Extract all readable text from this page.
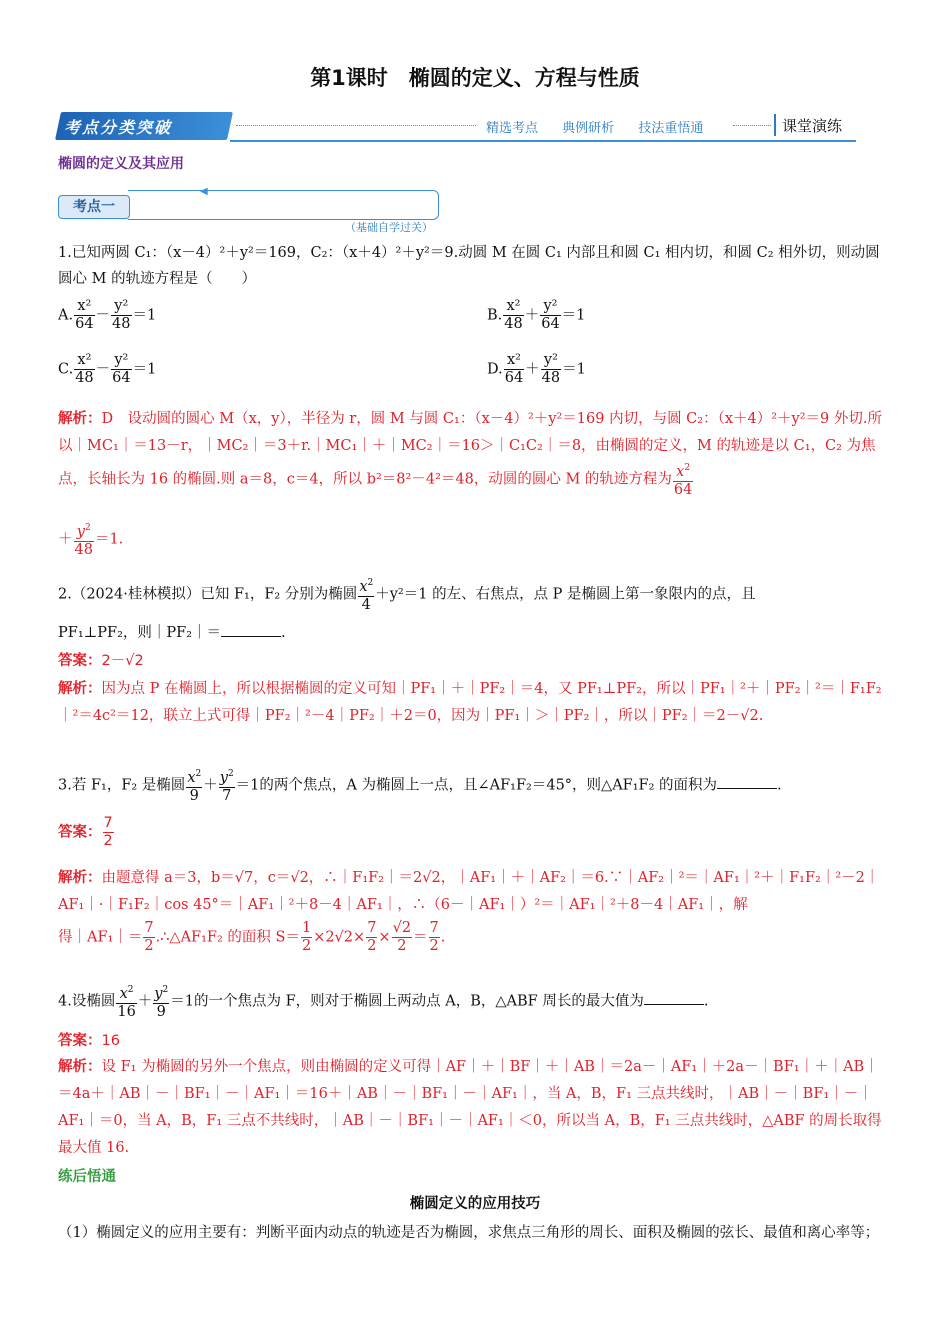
第1课时　椭圆的定义、方程与性质
考点分类突破	精选考点 典例研析 技法重悟通	课堂演练
椭圆的定义及其应用
◀
考点一
（基础自学过关）
1.已知两圆 C₁：（x－4）²＋y²＝169，C₂：（x＋4）²＋y²＝9.动圆 M 在圆 C₁ 内部且和圆 C₁ 相内切，和圆 C₂ 相外切，则动圆圆心 M 的轨迹方程是（　　）
A. $\frac{\text{x²}}{64} - \frac{\text{y²}}{48} =1$	B. $\frac{\text{x²}}{48} + \frac{\text{y²}}{64} =1$
C. $\frac{\text{x²}}{48} - \frac{\text{y²}}{64} =1$	D. $\frac{\text{x²}}{64} + \frac{\text{y²}}{48} =1$
解析：D　设动圆的圆心 M（x，y），半径为 r，圆 M 与圆 C₁：（x－4）²＋y²＝169 内切，与圆 C₂：（x＋4）²＋y²＝9 外切.所以｜MC₁｜＝13－r，｜MC₂｜＝3＋r.｜MC₁｜＋｜MC₂｜＝16＞｜C₁C₂｜＝8，由椭圆的定义，M 的轨迹是以 C₁，C₂ 为焦点，长轴长为 16 的椭圆.则 a＝8，c＝4，所以 b²＝8²－4²＝48，动圆的圆心 M 的轨迹方程为 $\frac{x^2}{64}$
＋ $\frac{y^2}{48} =1$.
2.（2024·桂林模拟）已知 F₁，F₂ 分别为椭圆 $\frac{x^2}{4} +y^2=1$ 的左、右焦点，点 P 是椭圆上第一象限内的点，且
PF₁⊥PF₂，则｜PF₂｜＝	.
答案：2－√2
解析：因为点 P 在椭圆上，所以根据椭圆的定义可知｜PF₁｜＋｜PF₂｜＝4，又 PF₁⊥PF₂，所以｜PF₁｜²＋｜PF₂｜²＝｜F₁F₂｜²＝4c²＝12，联立上式可得｜PF₂｜²－4｜PF₂｜＋2＝0，因为｜PF₁｜＞｜PF₂｜，所以｜PF₂｜＝2－√2.
3.若 F₁，F₂ 是椭圆 $\frac{x^2}{9} + \frac{y^2}{7} =1$的两个焦点，A 为椭圆上一点，且∠AF₁F₂＝45°，则△AF₁F₂ 的面积为	.
答案： $\frac{7}{2}$
解析：由题意得 a＝3，b＝√7，c＝√2，∴｜F₁F₂｜＝2√2，｜AF₁｜＋｜AF₂｜＝6.∵｜AF₂｜²＝｜AF₁｜²＋｜F₁F₂｜²－2｜AF₁｜·｜F₁F₂｜cos 45°＝｜AF₁｜²＋8－4｜AF₁｜，∴（6－｜AF₁｜）²＝｜AF₁｜²＋8－4｜AF₁｜，解
得｜AF₁｜＝ $\frac{7}{2}$ .∴△AF₁F₂ 的面积 $S= \frac{1}{2} \times 2√2\times \frac{7}{2} \times \frac{√2}{2} = \frac{7}{2}$ .
4.设椭圆 $\frac{x^2}{16} + \frac{y^2}{9} =1$的一个焦点为 F，则对于椭圆上两动点 A，B，△ABF 周长的最大值为	.
答案：16
解析：设 F₁ 为椭圆的另外一个焦点，则由椭圆的定义可得｜AF｜＋｜BF｜＋｜AB｜＝2a－｜AF₁｜＋2a－｜BF₁｜＋｜AB｜＝4a＋｜AB｜－｜BF₁｜－｜AF₁｜＝16＋｜AB｜－｜BF₁｜－｜AF₁｜，当 A，B，F₁ 三点共线时，｜AB｜－｜BF₁｜－｜AF₁｜＝0，当 A，B，F₁ 三点不共线时，｜AB｜－｜BF₁｜－｜AF₁｜＜0，所以当 A，B，F₁ 三点共线时，△ABF 的周长取得最大值 16.
练后悟通
椭圆定义的应用技巧
（1）椭圆定义的应用主要有：判断平面内动点的轨迹是否为椭圆，求焦点三角形的周长、面积及椭圆的弦长、最值和离心率等；
